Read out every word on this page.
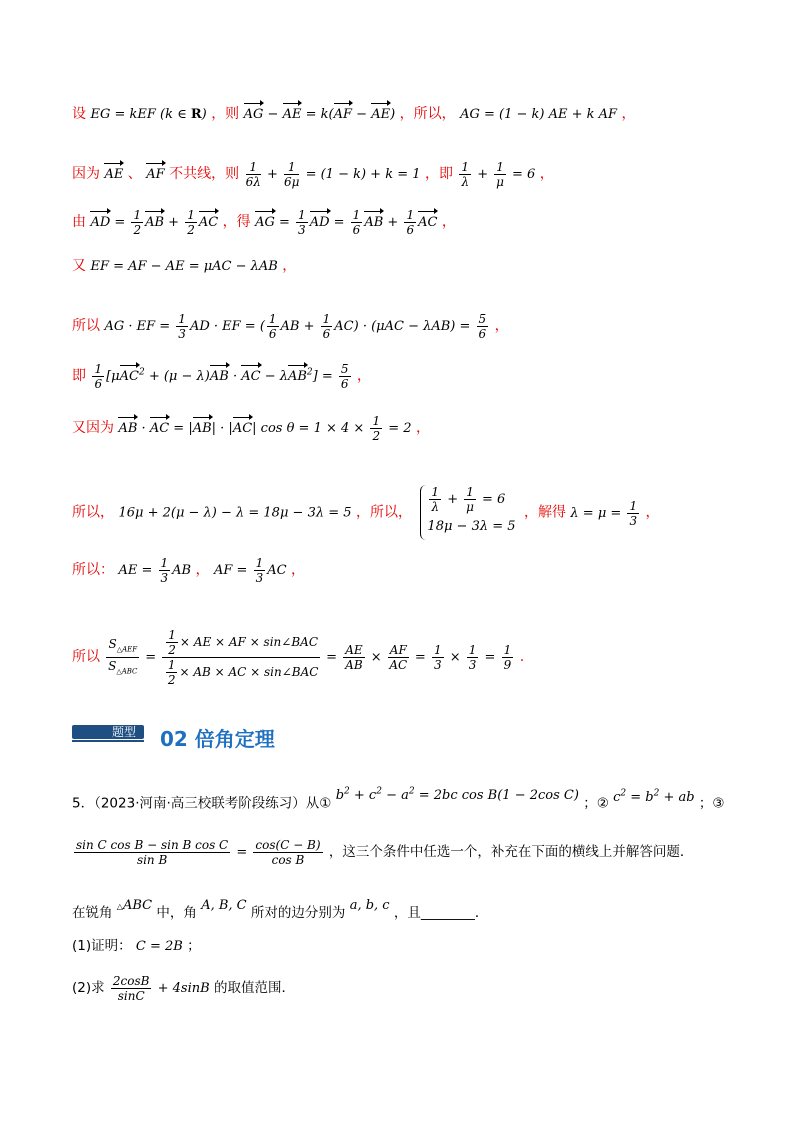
设 EG = kEF (k ∈ R) ，则 AG − AE = k(AF − AE) ，所以， AG = (1 − k) AE + k AF ，
因为 AE 、 AF 不共线，则 $\frac{1}{6\lambda} + \frac{1}{6\mu} = (1 - k) + k = 1$ ，即 $\frac{1}{\lambda} + \frac{1}{\mu} = 6$ ，
由 AD = $\frac{1}{2}$ AB + $\frac{1}{2}$ AC ，得 AG = $\frac{1}{3}$ AD = $\frac{1}{6}$ AB + $\frac{1}{6}$ AC ，
又 EF = AF − AE = μAC − λAB ，
所以 AG · EF = $\frac{1}{3}$ AD · EF = ( $\frac{1}{6}$ AB + $\frac{1}{6} AC) \cdot (\mu AC - \lambda AB) = \frac{5}{6}$ ，
即 $\frac{1}{6} [\mu AC^2 + (\mu - \lambda)AB$ · AC − $\lambda AB^2] = \frac{5}{6}$ ，
又因为 AB · AC = |AB| · |AC| $\cos \theta = 1 \times 4 \times \frac{1}{2} = 2$ ，
所以， 16μ + 2(μ − λ) − λ = 18μ − 3λ = 5 ，所以， $\frac{1}{\lambda} + \frac{1}{\mu} = 6$
18μ − 3λ = 5
，解得 $\lambda = \mu = \frac{1}{3}$ ，
所以： AE = $\frac{1}{3}$ AB ， AF = $\frac{1}{3}$ AC ，
所以 $\frac{S_{\triangle AEF}}{S_{\triangle ABC}} = \frac{\frac{1}{2} \times AE \times AF \times \sin\angle BAC}{\frac{1}{2} \times AB \times AC \times \sin\angle BAC} = \frac{AE}{AB} \times \frac{AF}{AC} = \frac{1}{3} \times \frac{1}{3} = \frac{1}{9}$ .
题型	02 倍角定理
5．（2023·河南·高三校联考阶段练习）从① $b^2 + c^2 - a^2 = 2bc$ cos B(1 − 2cos C) ；② $c^2 = b^2$ + ab ；③
$\frac{\text{sin C cos B − sin B cos C}}{\text{sin B}} = \frac{\cos(C - B)}{\text{cos B}}$ ，这三个条件中任选一个，补充在下面的横线上并解答问题．
在锐角 △ABC 中，角 A, B, C 所对的边分别为 a, b, c ，且________．
(1)证明： C = 2B ；
(2)求 $\frac{2\cos B}{\sin C} + 4\sin B$ 的取值范围．
